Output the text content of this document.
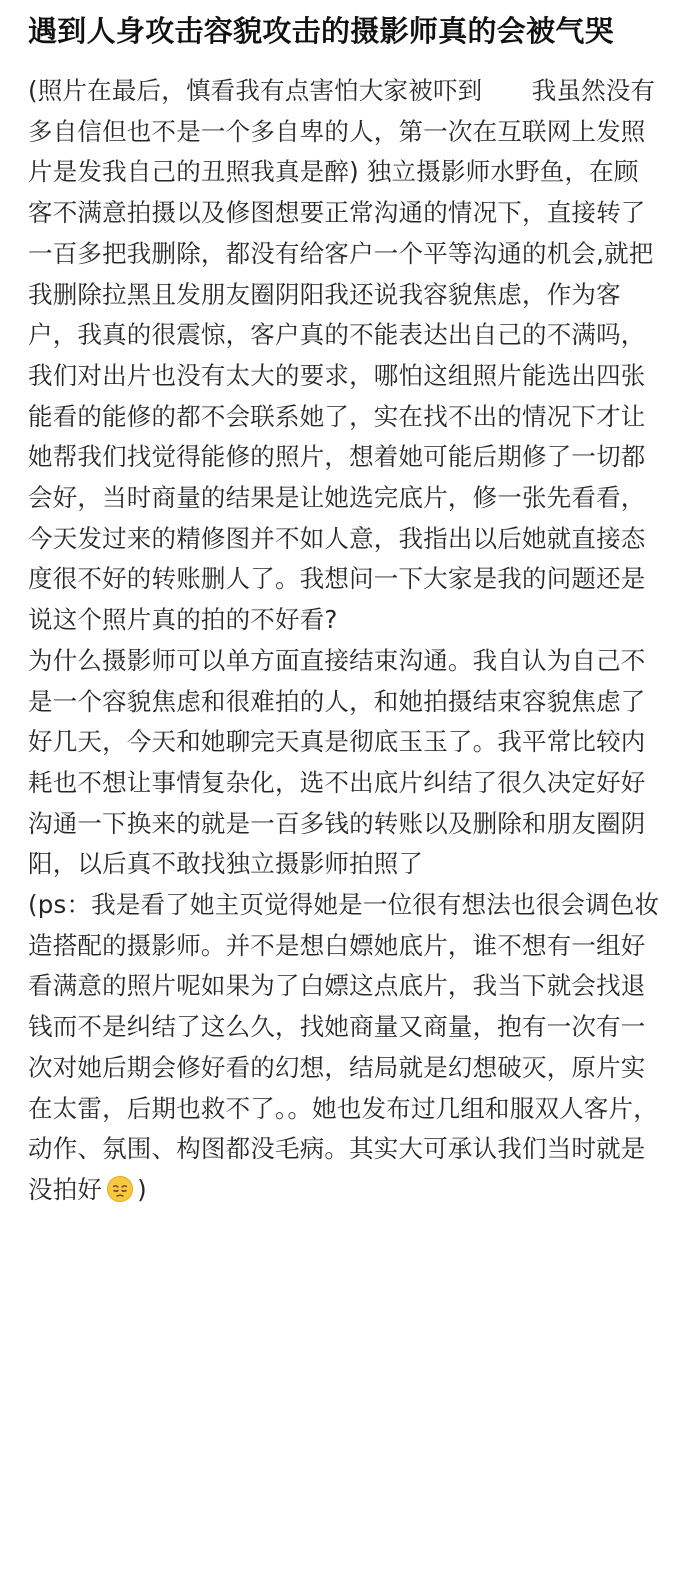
遇到人身攻击容貌攻击的摄影师真的会被气哭

(照片在最后，慎看我有点害怕大家被吓到　　我虽然没有多自信但也不是一个多自卑的人，第一次在互联网上发照片是发我自己的丑照我真是醉) 独立摄影师水野鱼，在顾客不满意拍摄以及修图想要正常沟通的情况下，直接转了一百多把我删除，都没有给客户一个平等沟通的机会,就把我删除拉黑且发朋友圈阴阳我还说我容貌焦虑，作为客户，我真的很震惊，客户真的不能表达出自己的不满吗，我们对出片也没有太大的要求，哪怕这组照片能选出四张能看的能修的都不会联系她了，实在找不出的情况下才让她帮我们找觉得能修的照片，想着她可能后期修了一切都会好，当时商量的结果是让她选完底片，修一张先看看，今天发过来的精修图并不如人意，我指出以后她就直接态度很不好的转账删人了。我想问一下大家是我的问题还是说这个照片真的拍的不好看?

为什么摄影师可以单方面直接结束沟通。我自认为自己不是一个容貌焦虑和很难拍的人，和她拍摄结束容貌焦虑了好几天，今天和她聊完天真是彻底玉玉了。我平常比较内耗也不想让事情复杂化，选不出底片纠结了很久决定好好沟通一下换来的就是一百多钱的转账以及删除和朋友圈阴阳，以后真不敢找独立摄影师拍照了

(ps：我是看了她主页觉得她是一位很有想法也很会调色妆造搭配的摄影师。并不是想白嫖她底片，谁不想有一组好看满意的照片呢如果为了白嫖这点底片，我当下就会找退钱而不是纠结了这么久，找她商量又商量，抱有一次有一次对她后期会修好看的幻想，结局就是幻想破灭，原片实在太雷，后期也救不了。。她也发布过几组和服双人客片，动作、氛围、构图都没毛病。其实大可承认我们当时就是没拍好 )
